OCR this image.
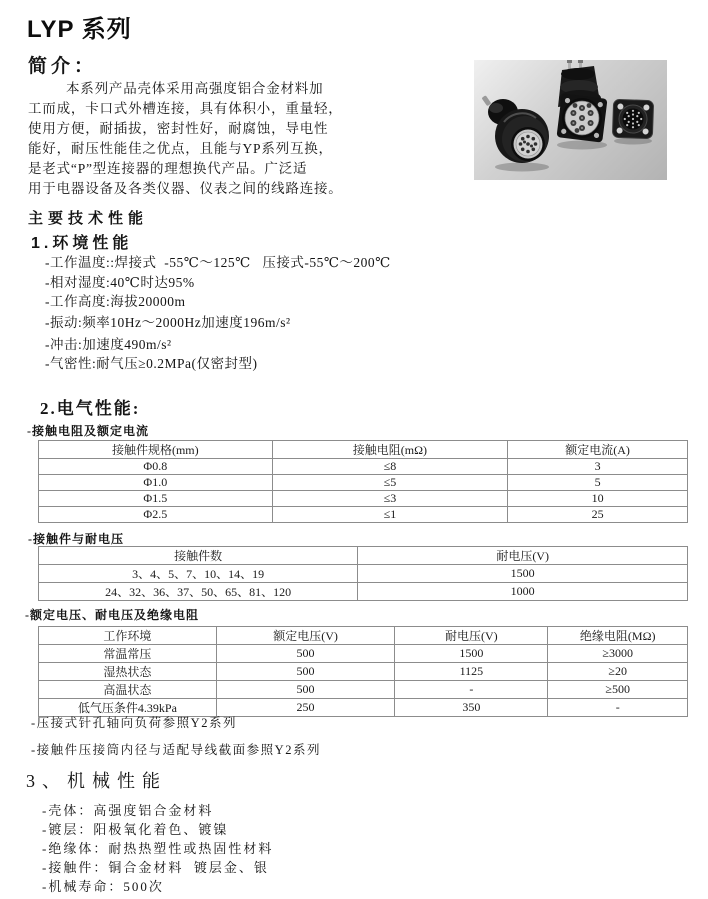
LYP 系列
简介：
本系列产品壳体采用高强度铝合金材料加
工而成，卡口式外槽连接，具有体积小，重量轻，
使用方便，耐插拔，密封性好，耐腐蚀，导电性
能好，耐压性能佳之优点，且能与YP系列互换，
是老式“P”型连接器的理想换代产品。广泛适
用于电器设备及各类仪器、仪表之间的线路连接。
主要技术性能
1.环境性能
-工作温度::焊接式  -55℃～125℃   压接式-55℃～200℃
-相对湿度:40℃时达95%
-工作高度:海拔20000m
-振动:频率10Hz～2000Hz加速度196m/s²
-冲击:加速度490m/s²
-气密性:耐气压≥0.2MPa(仅密封型)
2.电气性能:
-接触电阻及额定电流
接触件规格(mm)	接触电阻(mΩ)	额定电流(A)
Φ0.8	≤8	3
Φ1.0	≤5	5
Φ1.5	≤3	10
Φ2.5	≤1	25
-接触件与耐电压
接触件数	耐电压(V)
3、4、5、7、10、14、19	1500
24、32、36、37、50、65、81、120	1000
-额定电压、耐电压及绝缘电阻
工作环境	额定电压(V)	耐电压(V)	绝缘电阻(MΩ)
常温常压	500	1500	≥3000
湿热状态	500	1125	≥20
高温状态	500	-	≥500
低气压条件4.39kPa	250	350	-
-压接式针孔轴向负荷参照Y2系列
-接触件压接筒内径与适配导线截面参照Y2系列
3、机械性能
-壳体：高强度铝合金材料
-镀层：阳极氧化着色、镀镍
-绝缘体：耐热热塑性或热固性材料
-接触件：铜合金材料  镀层金、银
-机械寿命：500次
